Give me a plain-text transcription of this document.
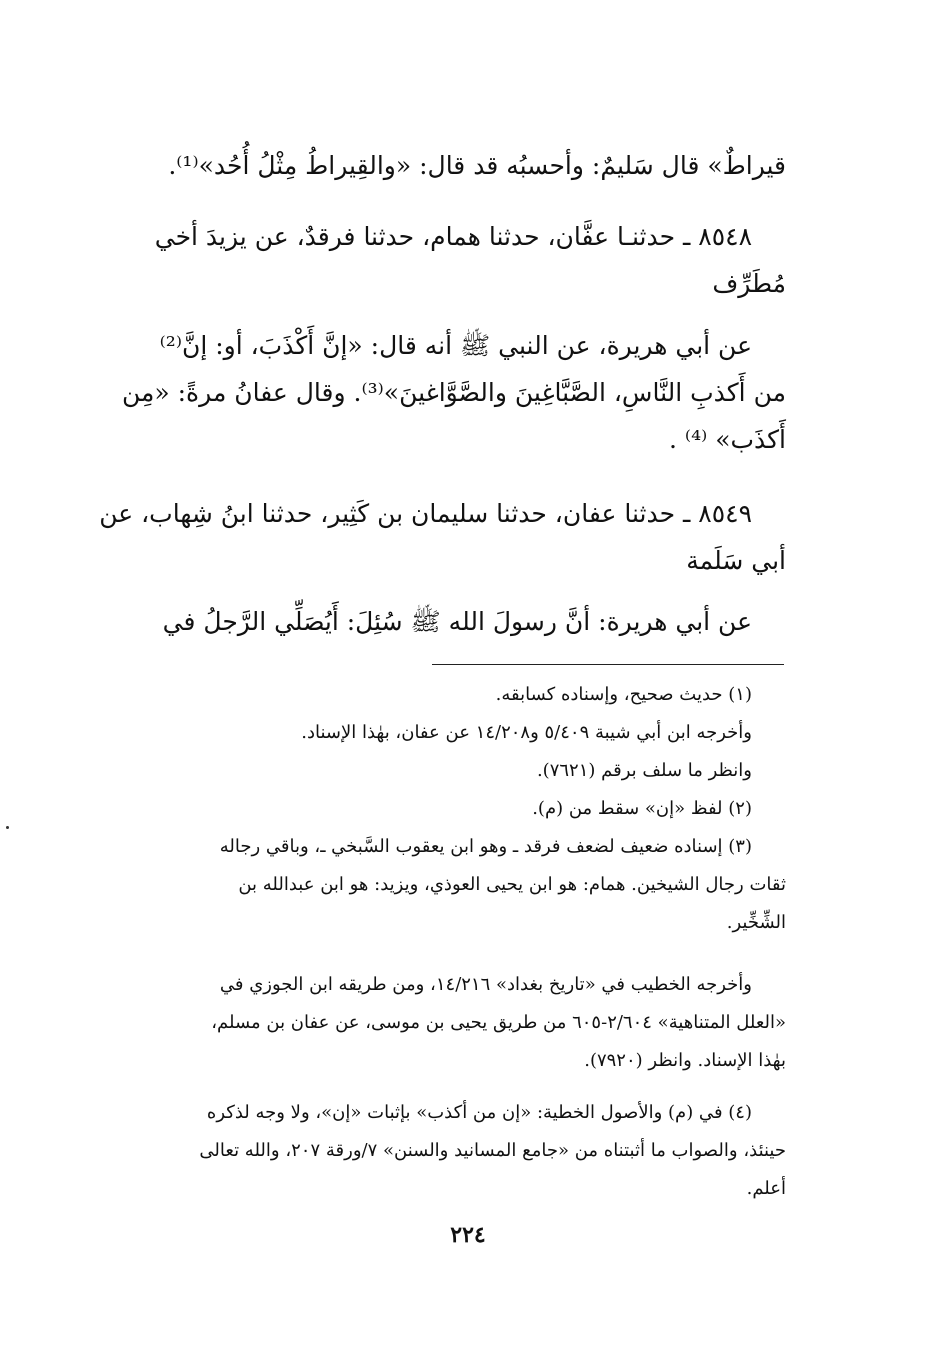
قيراطٌ» قال سَليمٌ: وأحسبُه قد قال: «والقِيراطُ مِثْلُ أُحُد»⁽¹⁾.
٨٥٤٨ ـ حدثنـا عفَّان، حدثنا همام، حدثنا فرقدٌ، عن يزيدَ أخي
مُطَرِّف
عن أبي هريرة، عن النبي ﷺ أنه قال: «إنَّ أَكْذَبَ، أو: إنَّ⁽²⁾
من أَكذبِ النَّاسِ، الصَّبَّاغِينَ والصَّوَّاغينَ»⁽³⁾. وقال عفانُ مرةً: «مِن
أَكذَب» ⁽⁴⁾ .
٨٥٤٩ ـ حدثنا عفان، حدثنا سليمان بن كَثِير، حدثنا ابنُ شِهاب، عن
أبي سَلَمة
عن أبي هريرة: أنَّ رسولَ الله ﷺ سُئِلَ: أَيُصَلِّي الرَّجلُ في
(١) حديث صحيح، وإسناده كسابقه.
وأخرجه ابن أبي شيبة ٥/٤٠٩ و١٤/٢٠٨ عن عفان، بهٰذا الإسناد.
وانظر ما سلف برقم (٧٦٢١).
(٢) لفظ «إن» سقط من (م).
(٣) إسناده ضعيف لضعف فرقد ـ وهو ابن يعقوب السَّبخي ـ، وباقي رجاله
ثقات رجال الشيخين. همام: هو ابن يحيى العوذي، ويزيد: هو ابن عبدالله بن
الشِّخِّير.
وأخرجه الخطيب في «تاريخ بغداد» ١٤/٢١٦، ومن طريقه ابن الجوزي في
«العلل المتناهية» ٢/٦٠٤-٦٠٥ من طريق يحيى بن موسى، عن عفان بن مسلم،
بهٰذا الإسناد. وانظر (٧٩٢٠).
(٤) في (م) والأصول الخطية: «إن من أكذب» بإثبات «إن»، ولا وجه لذكره
حينئذ، والصواب ما أثبتناه من «جامع المسانيد والسنن» ٧/ورقة ٢٠٧، والله تعالى
أعلم.
٢٢٤
